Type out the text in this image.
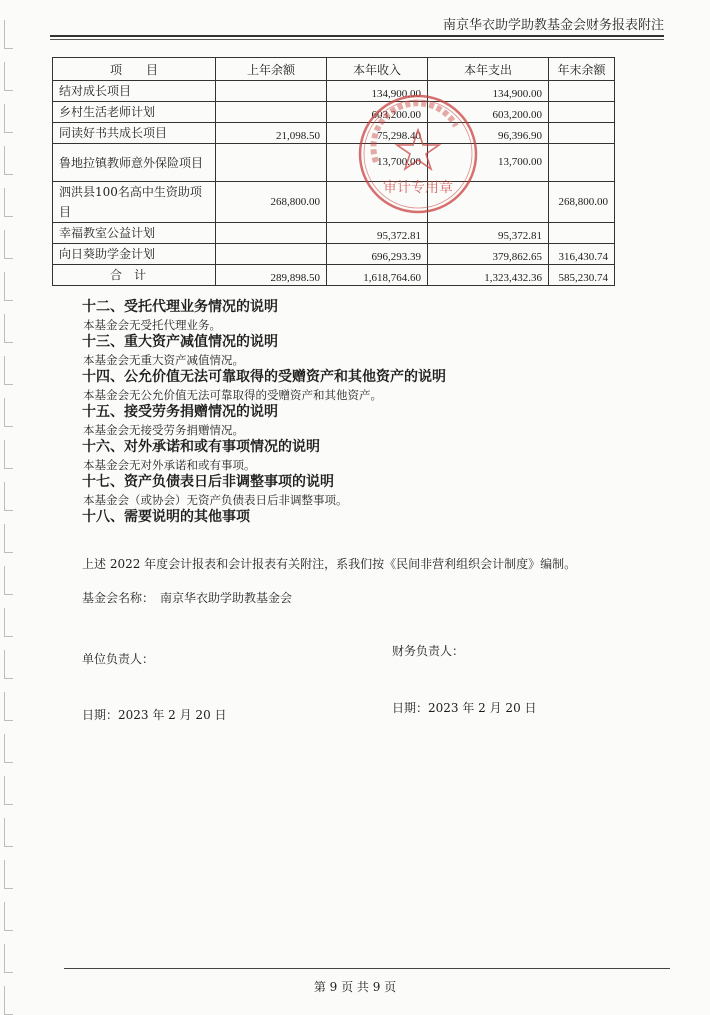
南京华衣助学助教基金会财务报表附注
项　　目	上年余额	本年收入	本年支出	年末余额
结对成长项目		134,900.00	134,900.00	
乡村生活老师计划		603,200.00	603,200.00	
同读好书共成长项目	21,098.50	75,298.40	96,396.90	
鲁地拉镇教师意外保险项目		13,700.00	13,700.00	
泗洪县100名高中生资助项目	268,800.00			268,800.00
幸福教室公益计划		95,372.81	95,372.81	
向日葵助学金计划		696,293.39	379,862.65	316,430.74
合计	289,898.50	1,618,764.60	1,323,432.36	585,230.74
审计专用章

十二、受托代理业务情况的说明

本基金会无受托代理业务。

十三、重大资产减值情况的说明

本基金会无重大资产减值情况。

十四、公允价值无法可靠取得的受赠资产和其他资产的说明

本基金会无公允价值无法可靠取得的受赠资产和其他资产。

十五、接受劳务捐赠情况的说明

本基金会无接受劳务捐赠情况。

十六、对外承诺和或有事项情况的说明

本基金会无对外承诺和或有事项。

十七、资产负债表日后非调整事项的说明

本基金会（或协会）无资产负债表日后非调整事项。

十八、需要说明的其他事项

上述 2022 年度会计报表和会计报表有关附注，系我们按《民间非营利组织会计制度》编制。
基金会名称：　南京华衣助学助教基金会
单位负责人：
财务负责人：
日期：2023 年 2 月 20 日	日期：2023 年 2 月 20 日
第 9 页 共 9 页
